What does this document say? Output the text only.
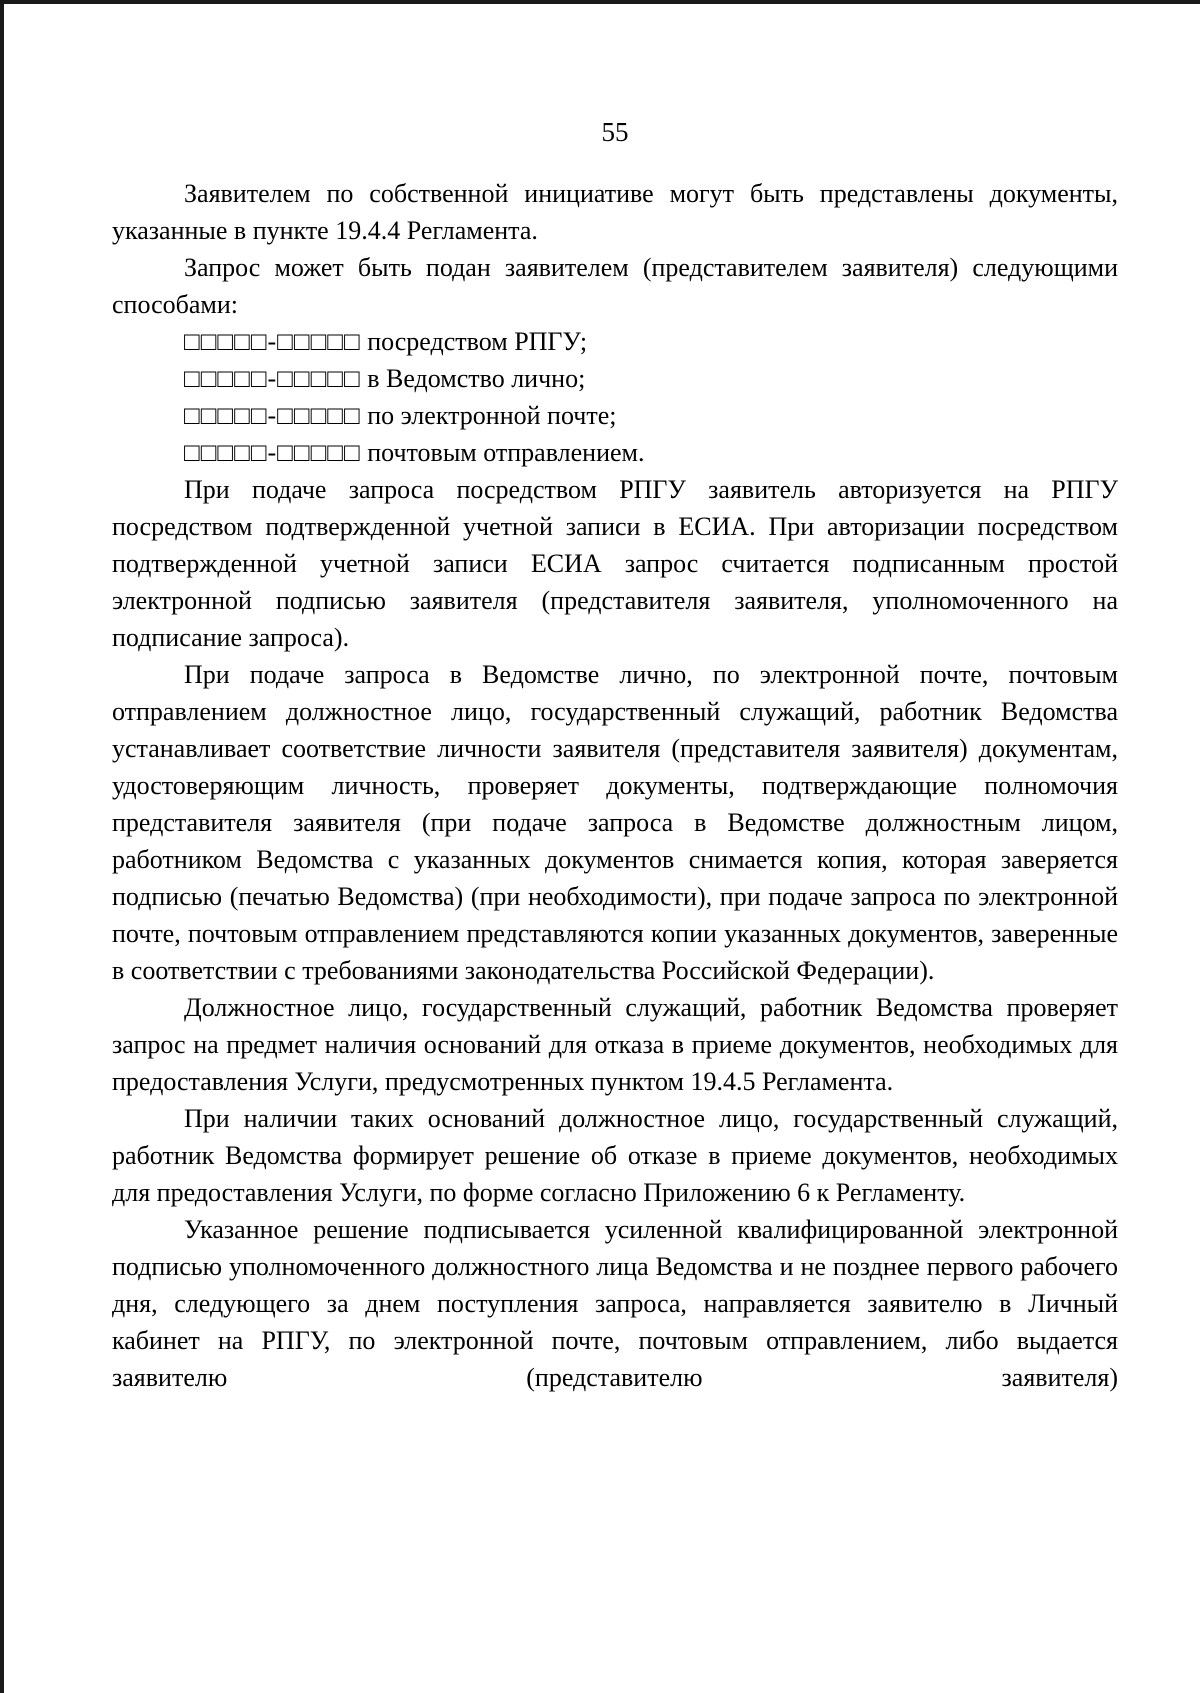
55

Заявителем по собственной инициативе могут быть представлены документы, указанные в пункте 19.4.4 Регламента.

Запрос может быть подан заявителем (представителем заявителя) следующими способами:

□□□□□-□□□□□ посредством РПГУ;
□□□□□-□□□□□ в Ведомство лично;
□□□□□-□□□□□ по электронной почте;
□□□□□-□□□□□ почтовым отправлением.

При подаче запроса посредством РПГУ заявитель авторизуется на РПГУ посредством подтвержденной учетной записи в ЕСИА. При авторизации посредством подтвержденной учетной записи ЕСИА запрос считается подписанным простой электронной подписью заявителя (представителя заявителя, уполномоченного на подписание запроса).

При подаче запроса в Ведомстве лично, по электронной почте, почтовым отправлением должностное лицо, государственный служащий, работник Ведомства устанавливает соответствие личности заявителя (представителя заявителя) документам, удостоверяющим личность, проверяет документы, подтверждающие полномочия представителя заявителя (при подаче запроса в Ведомстве должностным лицом, работником Ведомства с указанных документов снимается копия, которая заверяется подписью (печатью Ведомства) (при необходимости), при подаче запроса по электронной почте, почтовым отправлением представляются копии указанных документов, заверенные в соответствии с требованиями законодательства Российской Федерации).

Должностное лицо, государственный служащий, работник Ведомства проверяет запрос на предмет наличия оснований для отказа в приеме документов, необходимых для предоставления Услуги, предусмотренных пунктом 19.4.5 Регламента.

При наличии таких оснований должностное лицо, государственный служащий, работник Ведомства формирует решение об отказе в приеме документов, необходимых для предоставления Услуги, по форме согласно Приложению 6 к Регламенту.

Указанное решение подписывается усиленной квалифицированной электронной подписью уполномоченного должностного лица Ведомства и не позднее первого рабочего дня, следующего за днем поступления запроса, направляется заявителю в Личный кабинет на РПГУ, по электронной почте, почтовым отправлением, либо выдается заявителю (представителю заявителя)
